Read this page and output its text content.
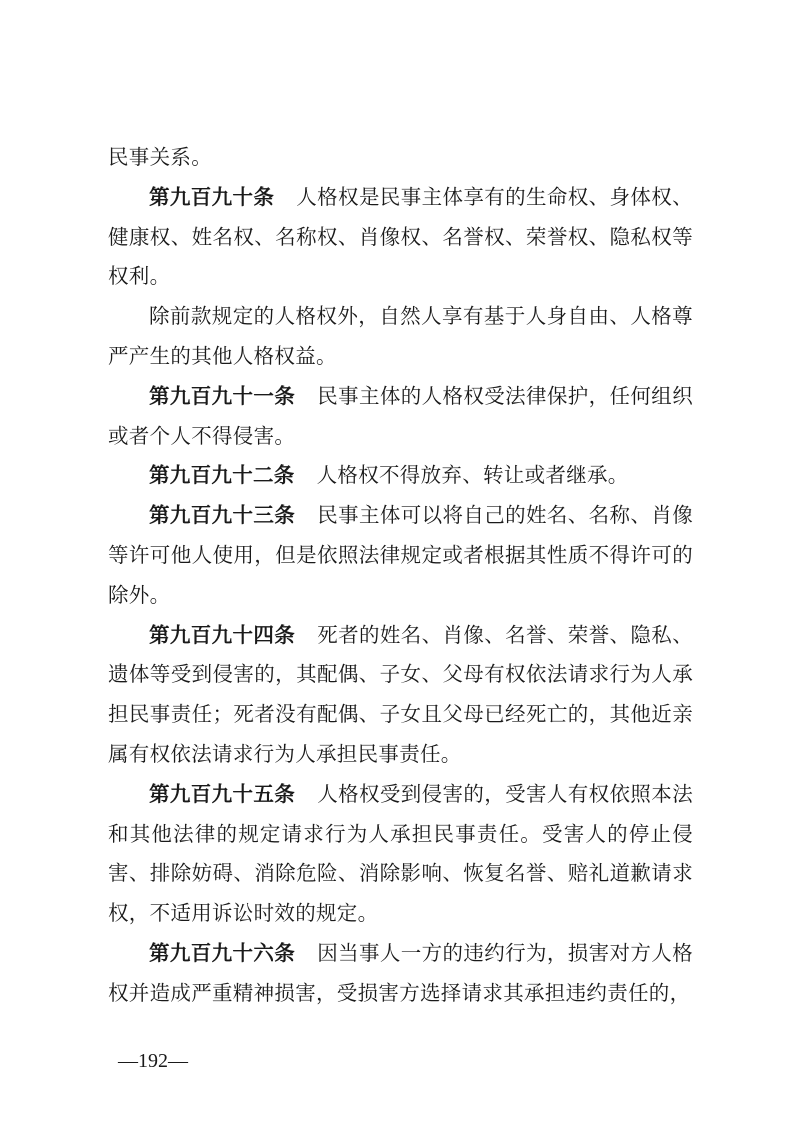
民事关系。

第九百九十条 人格权是民事主体享有的生命权、身体权、健康权、姓名权、名称权、肖像权、名誉权、荣誉权、隐私权等权利。

除前款规定的人格权外，自然人享有基于人身自由、人格尊严产生的其他人格权益。

第九百九十一条 民事主体的人格权受法律保护，任何组织或者个人不得侵害。

第九百九十二条 人格权不得放弃、转让或者继承。

第九百九十三条 民事主体可以将自己的姓名、名称、肖像等许可他人使用，但是依照法律规定或者根据其性质不得许可的除外。

第九百九十四条 死者的姓名、肖像、名誉、荣誉、隐私、遗体等受到侵害的，其配偶、子女、父母有权依法请求行为人承担民事责任；死者没有配偶、子女且父母已经死亡的，其他近亲属有权依法请求行为人承担民事责任。

第九百九十五条 人格权受到侵害的，受害人有权依照本法和其他法律的规定请求行为人承担民事责任。受害人的停止侵害、排除妨碍、消除危险、消除影响、恢复名誉、赔礼道歉请求权，不适用诉讼时效的规定。

第九百九十六条 因当事人一方的违约行为，损害对方人格权并造成严重精神损害，受损害方选择请求其承担违约责任的，

—192—
